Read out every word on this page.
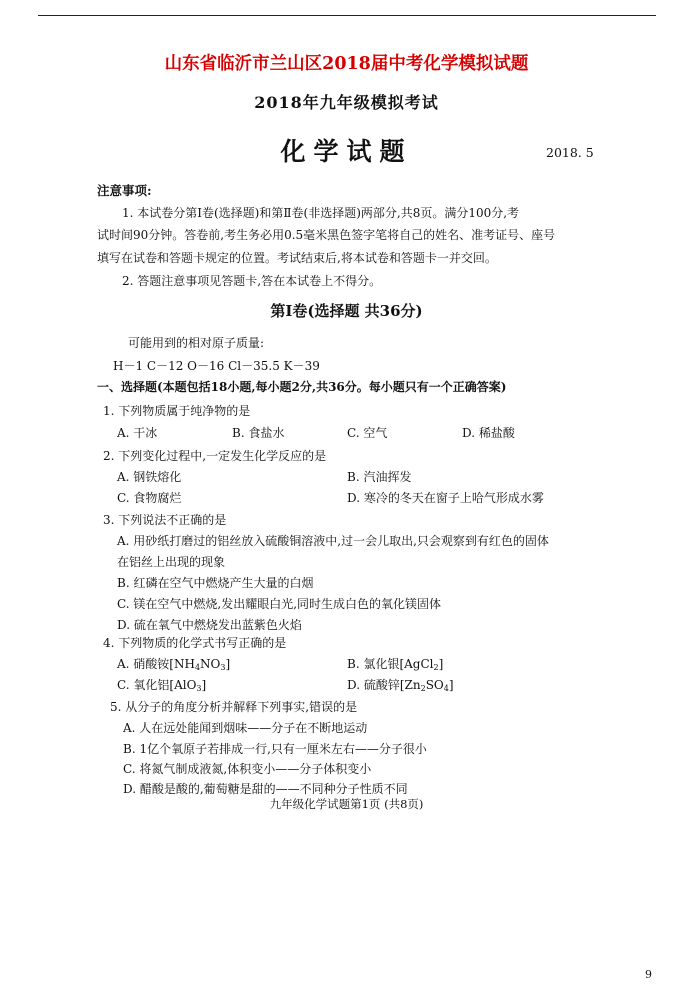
山东省临沂市兰山区2018届中考化学模拟试题
2018年九年级模拟考试
化学试题	2018. 5
注意事项:
1. 本试卷分第Ⅰ卷(选择题)和第Ⅱ卷(非选择题)两部分,共8页。满分100分,考
试时间90分钟。答卷前,考生务必用0.5毫米黑色签字笔将自己的姓名、准考证号、座号
填写在试卷和答题卡规定的位置。考试结束后,将本试卷和答题卡一并交回。
2. 答题注意事项见答题卡,答在本试卷上不得分。
第Ⅰ卷(选择题 共36分)
可能用到的相对原子质量:
H－1 C－12 O－16 Cl－35.5 K－39
一、选择题(本题包括18小题,每小题2分,共36分。每小题只有一个正确答案)
1. 下列物质属于纯净物的是
A. 干冰	B. 食盐水	C. 空气	D. 稀盐酸
2. 下列变化过程中,一定发生化学反应的是
A. 钢铁熔化	B. 汽油挥发
C. 食物腐烂	D. 寒冷的冬天在窗子上哈气形成水雾
3. 下列说法不正确的是
A. 用砂纸打磨过的铝丝放入硫酸铜溶液中,过一会儿取出,只会观察到有红色的固体
在铝丝上出现的现象
B. 红磷在空气中燃烧产生大量的白烟
C. 镁在空气中燃烧,发出耀眼白光,同时生成白色的氧化镁固体
D. 硫在氧气中燃烧发出蓝紫色火焰
4. 下列物质的化学式书写正确的是
A. 硝酸铵$[NH_4NO_3]$	B. 氯化银[AgCl$_2$]
C. 氧化铝[AlO$_3$]	D. 硫酸锌$[Zn_2SO_4]$
5. 从分子的角度分析并解释下列事实,错误的是
A. 人在远处能闻到烟味——分子在不断地运动
B. 1亿个氧原子若排成一行,只有一厘米左右——分子很小
C. 将氮气制成液氮,体积变小——分子体积变小
D. 醋酸是酸的,葡萄糖是甜的——不同种分子性质不同
九年级化学试题第1页 (共8页)
9
